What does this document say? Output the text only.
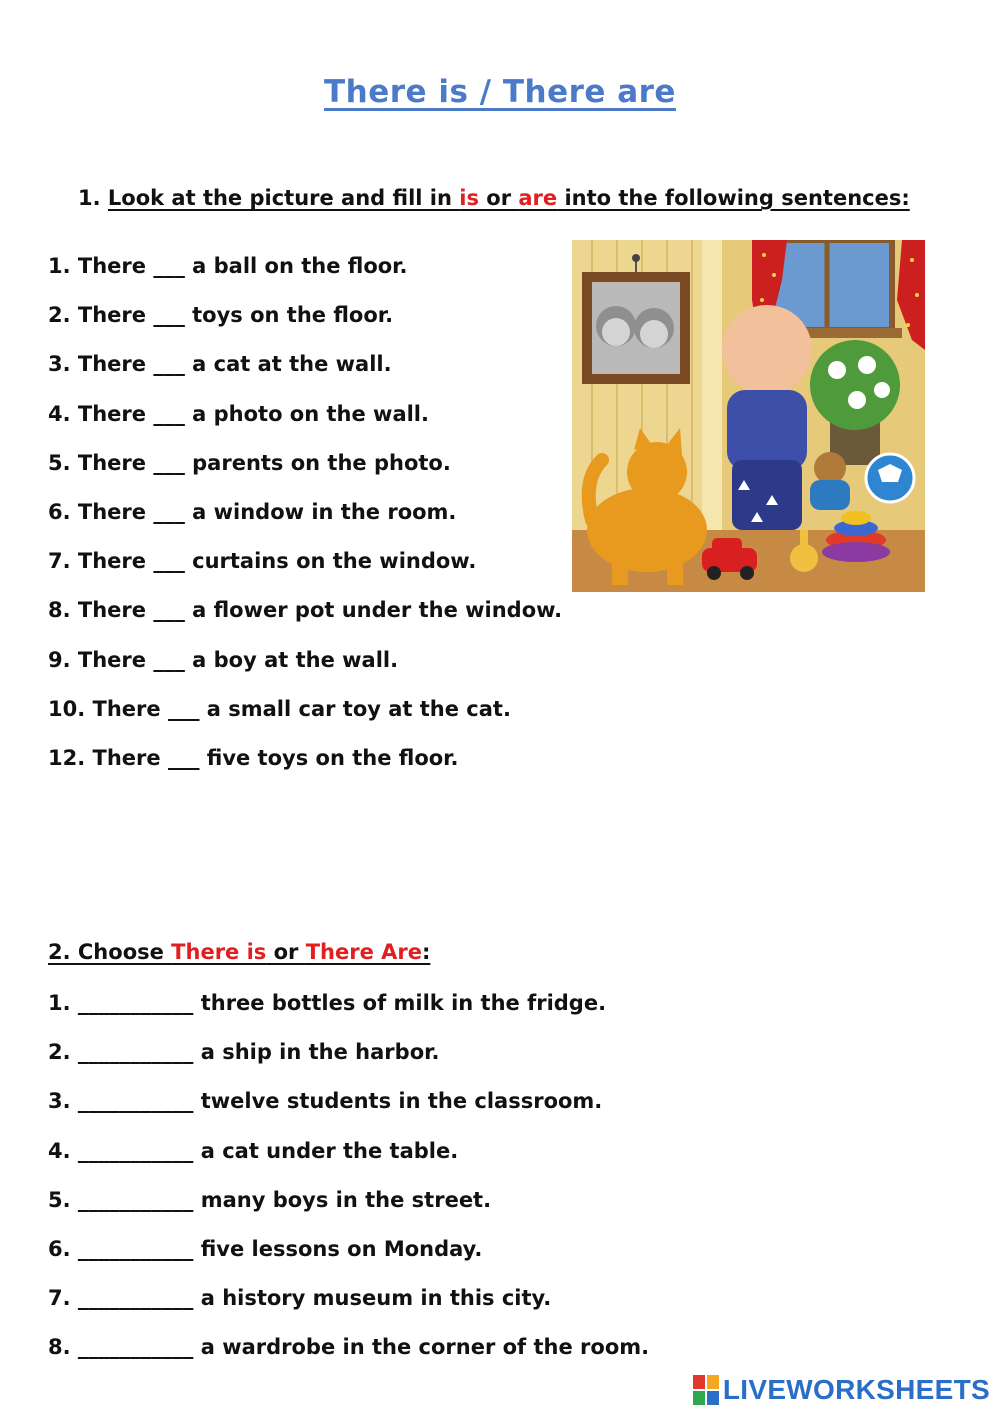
There is / There are
1. Look at the picture and fill in is or are into the following sentences:
1. There ___ a ball on the floor.
2. There ___ toys on the floor.
3. There ___ a cat at the wall.
4. There ___ a photo on the wall.
5. There ___ parents on the photo.
6. There ___ a window in the room.
7. There ___ curtains on the window.
8. There ___ a flower pot under the window.
9. There ___ a boy at the wall.
10. There ___ a small car toy at the cat.
12. There ___ five toys on the floor.
2. Choose There is or There Are:
1. ___________ three bottles of milk in the fridge.
2. ___________ a ship in the harbor.
3. ___________ twelve students in the classroom.
4. ___________ a cat under the table.
5. ___________ many boys in the street.
6. ___________ five lessons on Monday.
7. ___________ a history museum in this city.
8. ___________ a wardrobe in the corner of the room.
LIVEWORKSHEETS
